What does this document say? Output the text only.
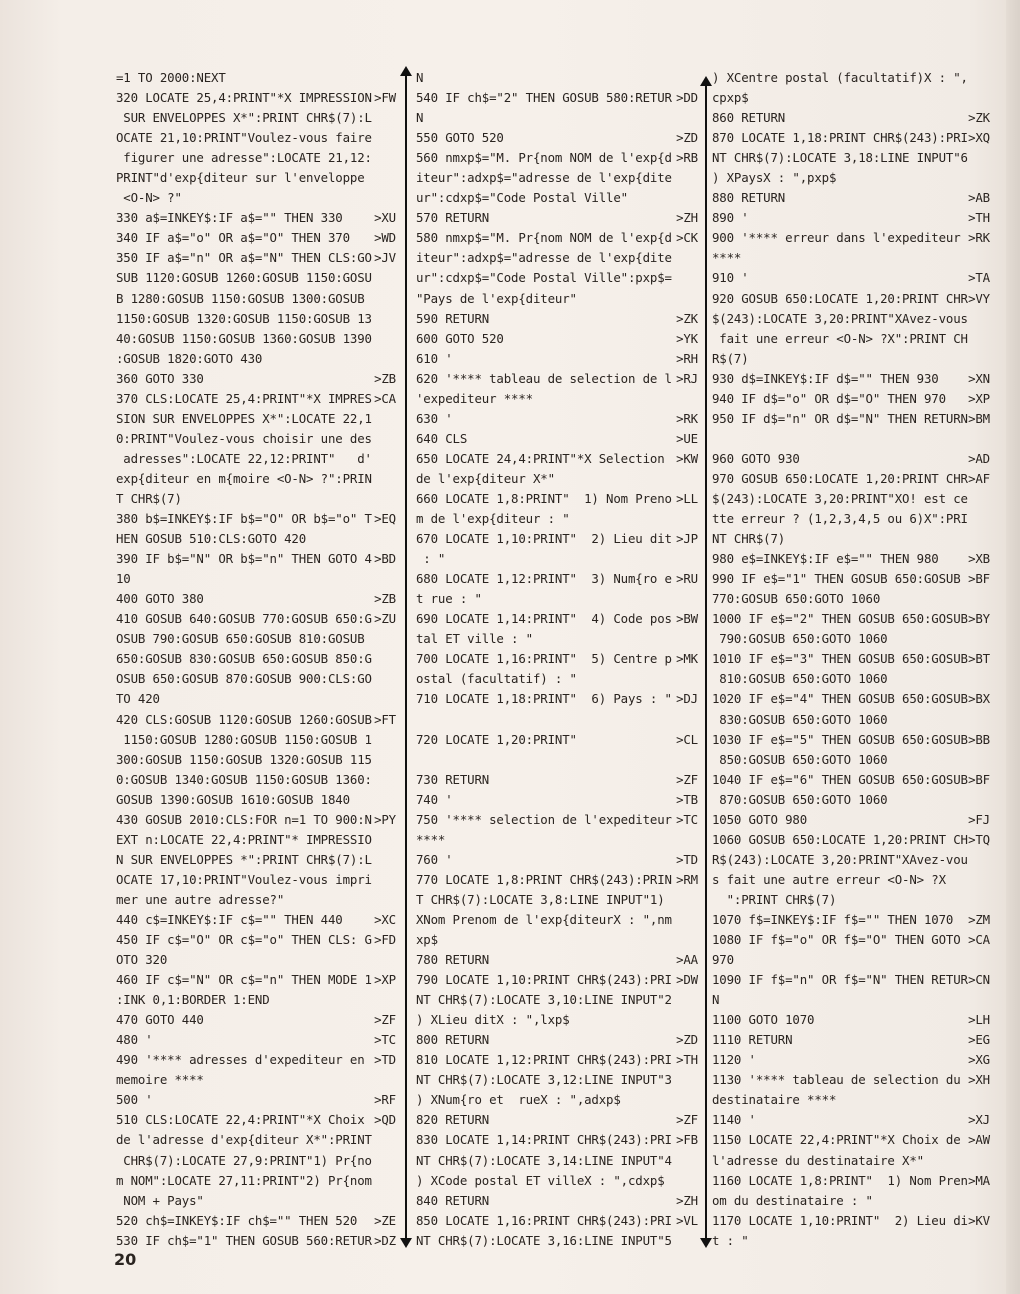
=1 TO 2000:NEXT
320 LOCATE 25,4:PRINT"*X IMPRESSION >FW
SUR ENVELOPPES X*":PRINT CHR$(7):L
OCATE 21,10:PRINT"Voulez-vous faire
figurer une adresse":LOCATE 21,12:
PRINT"d'exp{diteur sur l'enveloppe
<O-N> ?"
330 a$=INKEY$:IF a$="" THEN 330	>XU
340 IF a$="o" OR a$="O" THEN 370 >WD
350 IF a$="n" OR a$="N" THEN CLS:GO >JV
SUB 1120:GOSUB 1260:GOSUB 1150:GOSU
B 1280:GOSUB 1150:GOSUB 1300:GOSUB
1150:GOSUB 1320:GOSUB 1150:GOSUB 13
40:GOSUB 1150:GOSUB 1360:GOSUB 1390
:GOSUB 1820:GOTO 430
360 GOTO 330	>ZB
370 CLS:LOCATE 25,4:PRINT"*X IMPRES >CA
SION SUR ENVELOPPES X*":LOCATE 22,1
0:PRINT"Voulez-vous choisir une des
adresses":LOCATE 22,12:PRINT"   d'
exp{diteur en m{moire <O-N> ?":PRIN
T CHR$(7)
380 b$=INKEY$:IF b$="O" OR b$="o" T >EQ
HEN GOSUB 510:CLS:GOTO 420
390 IF b$="N" OR b$="n" THEN GOTO 4 >BD
10
400 GOTO 380	>ZB
410 GOSUB 640:GOSUB 770:GOSUB 650:G >ZU
OSUB 790:GOSUB 650:GOSUB 810:GOSUB
650:GOSUB 830:GOSUB 650:GOSUB 850:G
OSUB 650:GOSUB 870:GOSUB 900:CLS:GO
TO 420
420 CLS:GOSUB 1120:GOSUB 1260:GOSUB >FT
1150:GOSUB 1280:GOSUB 1150:GOSUB 1
300:GOSUB 1150:GOSUB 1320:GOSUB 115
0:GOSUB 1340:GOSUB 1150:GOSUB 1360:
GOSUB 1390:GOSUB 1610:GOSUB 1840
430 GOSUB 2010:CLS:FOR n=1 TO 900:N >PY
EXT n:LOCATE 22,4:PRINT"* IMPRESSIO
N SUR ENVELOPPES *":PRINT CHR$(7):L
OCATE 17,10:PRINT"Voulez-vous impri
mer une autre adresse?"
440 c$=INKEY$:IF c$="" THEN 440	>XC
450 IF c$="O" OR c$="o" THEN CLS: G >FD
OTO 320
460 IF c$="N" OR c$="n" THEN MODE 1 >XP
:INK 0,1:BORDER 1:END
470 GOTO 440	>ZF
480 '	>TC
490 '**** adresses d'expediteur en >TD
memoire ****
500 '	>RF
510 CLS:LOCATE 22,4:PRINT"*X Choix >QD
de l'adresse d'exp{diteur X*":PRINT
CHR$(7):LOCATE 27,9:PRINT"1) Pr{no
m NOM":LOCATE 27,11:PRINT"2) Pr{nom
NOM + Pays"
520 ch$=INKEY$:IF ch$="" THEN 520 >ZE
530 IF ch$="1" THEN GOSUB 560:RETUR >DZ
N
540 IF ch$="2" THEN GOSUB 580:RETUR >DD
N
550 GOTO 520	>ZD
560 nmxp$="M. Pr{nom NOM de l'exp{d >RB
iteur":adxp$="adresse de l'exp{dite
ur":cdxp$="Code Postal Ville"
570 RETURN	>ZH
580 nmxp$="M. Pr{nom NOM de l'exp{d >CK
iteur":adxp$="adresse de l'exp{dite
ur":cdxp$="Code Postal Ville":pxp$=
"Pays de l'exp{diteur"
590 RETURN	>ZK
600 GOTO 520	>YK
610 '	>RH
620 '**** tableau de selection de l >RJ
'expediteur ****
630 '	>RK
640 CLS	>UE
650 LOCATE 24,4:PRINT"*X Selection >KW
de l'exp{diteur X*"
660 LOCATE 1,8:PRINT"  1) Nom Preno >LL
m de l'exp{diteur : "
670 LOCATE 1,10:PRINT"  2) Lieu dit >JP
: "
680 LOCATE 1,12:PRINT"  3) Num{ro e >RU
t rue : "
690 LOCATE 1,14:PRINT"  4) Code pos >BW
tal ET ville : "
700 LOCATE 1,16:PRINT"  5) Centre p >MK
ostal (facultatif) : "
710 LOCATE 1,18:PRINT"  6) Pays : " >DJ
720 LOCATE 1,20:PRINT"	>CL
730 RETURN	>ZF
740 '	>TB
750 '**** selection de l'expediteur >TC
****
760 '	>TD
770 LOCATE 1,8:PRINT CHR$(243):PRIN >RM
T CHR$(7):LOCATE 3,8:LINE INPUT"1)
XNom Prenom de l'exp{diteurX : ",nm
xp$
780 RETURN	>AA
790 LOCATE 1,10:PRINT CHR$(243):PRI >DW
NT CHR$(7):LOCATE 3,10:LINE INPUT"2
) XLieu ditX : ",lxp$
800 RETURN	>ZD
810 LOCATE 1,12:PRINT CHR$(243):PRI >TH
NT CHR$(7):LOCATE 3,12:LINE INPUT"3
) XNum{ro et  rueX : ",adxp$
820 RETURN	>ZF
830 LOCATE 1,14:PRINT CHR$(243):PRI >FB
NT CHR$(7):LOCATE 3,14:LINE INPUT"4
) XCode postal ET villeX : ",cdxp$
840 RETURN	>ZH
850 LOCATE 1,16:PRINT CHR$(243):PRI >VL
NT CHR$(7):LOCATE 3,16:LINE INPUT"5
) XCentre postal (facultatif)X : ",
cpxp$
860 RETURN	>ZK
870 LOCATE 1,18:PRINT CHR$(243):PRI >XQ
NT CHR$(7):LOCATE 3,18:LINE INPUT"6
) XPaysX : ",pxp$
880 RETURN	>AB
890 '	>TH
900 '**** erreur dans l'expediteur >RK
****
910 '	>TA
920 GOSUB 650:LOCATE 1,20:PRINT CHR >VY
$(243):LOCATE 3,20:PRINT"XAvez-vous
fait une erreur <O-N> ?X":PRINT CH
R$(7)
930 d$=INKEY$:IF d$="" THEN 930 >XN
940 IF d$="o" OR d$="O" THEN 970 >XP
950 IF d$="n" OR d$="N" THEN RETURN >BM
960 GOTO 930	>AD
970 GOSUB 650:LOCATE 1,20:PRINT CHR >AF
$(243):LOCATE 3,20:PRINT"XO! est ce
tte erreur ? (1,2,3,4,5 ou 6)X":PRI
NT CHR$(7)
980 e$=INKEY$:IF e$="" THEN 980 >XB
990 IF e$="1" THEN GOSUB 650:GOSUB >BF
770:GOSUB 650:GOTO 1060
1000 IF e$="2" THEN GOSUB 650:GOSUB >BY
790:GOSUB 650:GOTO 1060
1010 IF e$="3" THEN GOSUB 650:GOSUB >BT
810:GOSUB 650:GOTO 1060
1020 IF e$="4" THEN GOSUB 650:GOSUB >BX
830:GOSUB 650:GOTO 1060
1030 IF e$="5" THEN GOSUB 650:GOSUB >BB
850:GOSUB 650:GOTO 1060
1040 IF e$="6" THEN GOSUB 650:GOSUB >BF
870:GOSUB 650:GOTO 1060
1050 GOTO 980	>FJ
1060 GOSUB 650:LOCATE 1,20:PRINT CH >TQ
R$(243):LOCATE 3,20:PRINT"XAvez-vou
s fait une autre erreur <O-N> ?X
":PRINT CHR$(7)
1070 f$=INKEY$:IF f$="" THEN 1070 >ZM
1080 IF f$="o" OR f$="O" THEN GOTO >CA
970
1090 IF f$="n" OR f$="N" THEN RETUR >CN
N
1100 GOTO 1070	>LH
1110 RETURN	>EG
1120 '	>XG
1130 '**** tableau de selection du >XH
destinataire ****
1140 '	>XJ
1150 LOCATE 22,4:PRINT"*X Choix de >AW
l'adresse du destinataire X*"
1160 LOCATE 1,8:PRINT"  1) Nom Pren >MA
om du destinataire : "
1170 LOCATE 1,10:PRINT"  2) Lieu di >KV
t : "
20
